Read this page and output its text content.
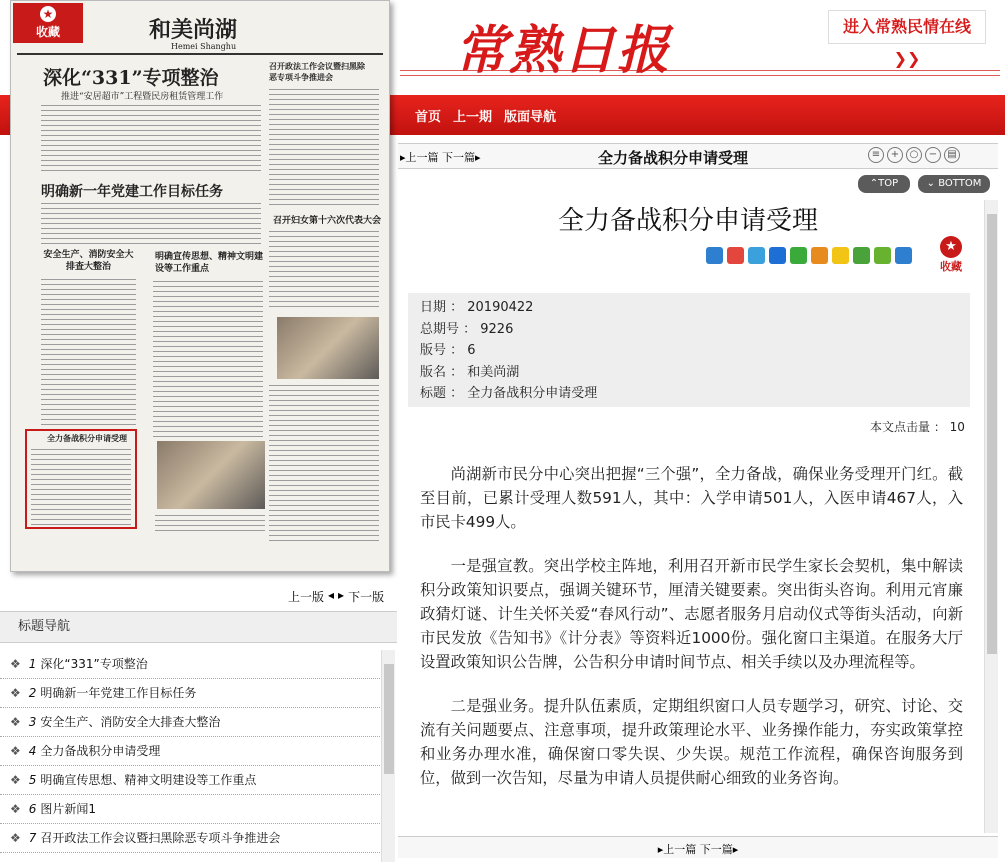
常熟日报	进入常熟民情在线 ❯❯
首页 上一期 版面导航
★
收藏	和美尚湖
Hemei Shanghu
深化“331”专项整治
推进“安居超市”工程暨民房租赁管理工作
召开政法工作会议暨扫黑除恶专项斗争推进会
明确新一年党建工作目标任务
召开妇女第十六次代表大会
安全生产、消防安全大排查大整治
明确宣传思想、精神文明建设等工作重点
全力备战积分申请受理
上一版 ◂ ▸ 下一版
标题导航
❖ 1 深化“331”专项整治
❖ 2 明确新一年党建工作目标任务
❖ 3 安全生产、消防安全大排查大整治
❖ 4 全力备战积分申请受理
❖ 5 明确宣传思想、精神文明建设等工作重点
❖ 6 图片新闻1
❖ 7 召开政法工作会议暨扫黑除恶专项斗争推进会
▸上一篇 下一篇▸	全力备战积分申请受理	≡	+	○	−	▤
⌃TOP	⌄ BOTTOM
全力备战积分申请受理
★
收藏
日期 ： 20190422
总期号 ： 9226
版号 ： 6
版名 ： 和美尚湖
标题 ： 全力备战积分申请受理
本文点击量 ： 10

尚湖新市民分中心突出把握“三个强”，全力备战，确保业务受理开门红。截至目前，已累计受理人数591人，其中：入学申请501人，入医申请467人，入市民卡499人。

一是强宣教。突出学校主阵地，利用召开新市民学生家长会契机，集中解读积分政策知识要点，强调关键环节，厘清关键要素。突出街头咨询。利用元宵廉政猜灯谜、计生关怀关爱“春风行动”、志愿者服务月启动仪式等街头活动，向新市民发放《告知书》《计分表》等资料近1000份。强化窗口主渠道。在服务大厅设置政策知识公告牌，公告积分申请时间节点、相关手续以及办理流程等。

二是强业务。提升队伍素质，定期组织窗口人员专题学习，研究、讨论、交流有关问题要点、注意事项，提升政策理论水平、业务操作能力，夯实政策掌控和业务办理水准，确保窗口零失误、少失误。规范工作流程，确保咨询服务到位，做到一次告知，尽量为申请人员提供耐心细致的业务咨询。

▸上一篇 下一篇▸
